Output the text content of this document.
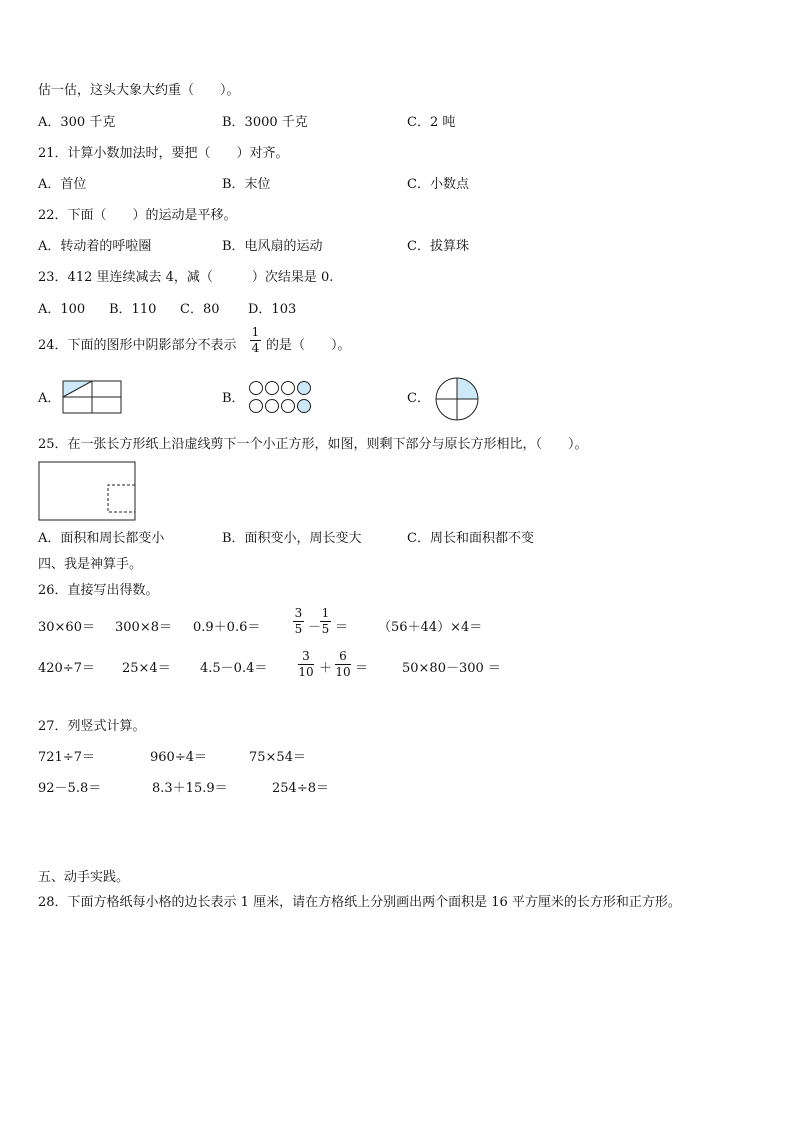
估一估，这头大象大约重（　　）。
A．300 千克	B．3000 千克	C．2 吨
21．计算小数加法时，要把（　　）对齐。
A．首位	B．末位	C．小数点
22．下面（　　）的运动是平移。
A．转动着的呼啦圈	B．电风扇的运动	C．拔算珠
23．412 里连续减去 4，减（　　　）次结果是 0.
A．100 B．110 C．80 D．103
24．下面的图形中阴影部分不表示
1
4 的是（　　）。
A．	B．	C．
25．在一张长方形纸上沿虚线剪下一个小正方形，如图，则剩下部分与原长方形相比，（　　）。
A．面积和周长都变小	B．面积变小，周长变大	C．周长和面积都不变
四、我是神算手。
26．直接写出得数。
30×60＝ 300×8＝ 0.9＋0.6＝
3
5 －
1
5 ＝ （56＋44）×4＝
420÷7＝ 25×4＝ 4.5－0.4＝
3
10 ＋
6
10 ＝	50×80－300 ＝
27．列竖式计算。
721÷7＝	960÷4＝	75×54＝
92－5.8＝	8.3＋15.9＝	254÷8＝
五、动手实践。
28．下面方格纸每小格的边长表示 1 厘米，请在方格纸上分别画出两个面积是 16 平方厘米的长方形和正方形。
